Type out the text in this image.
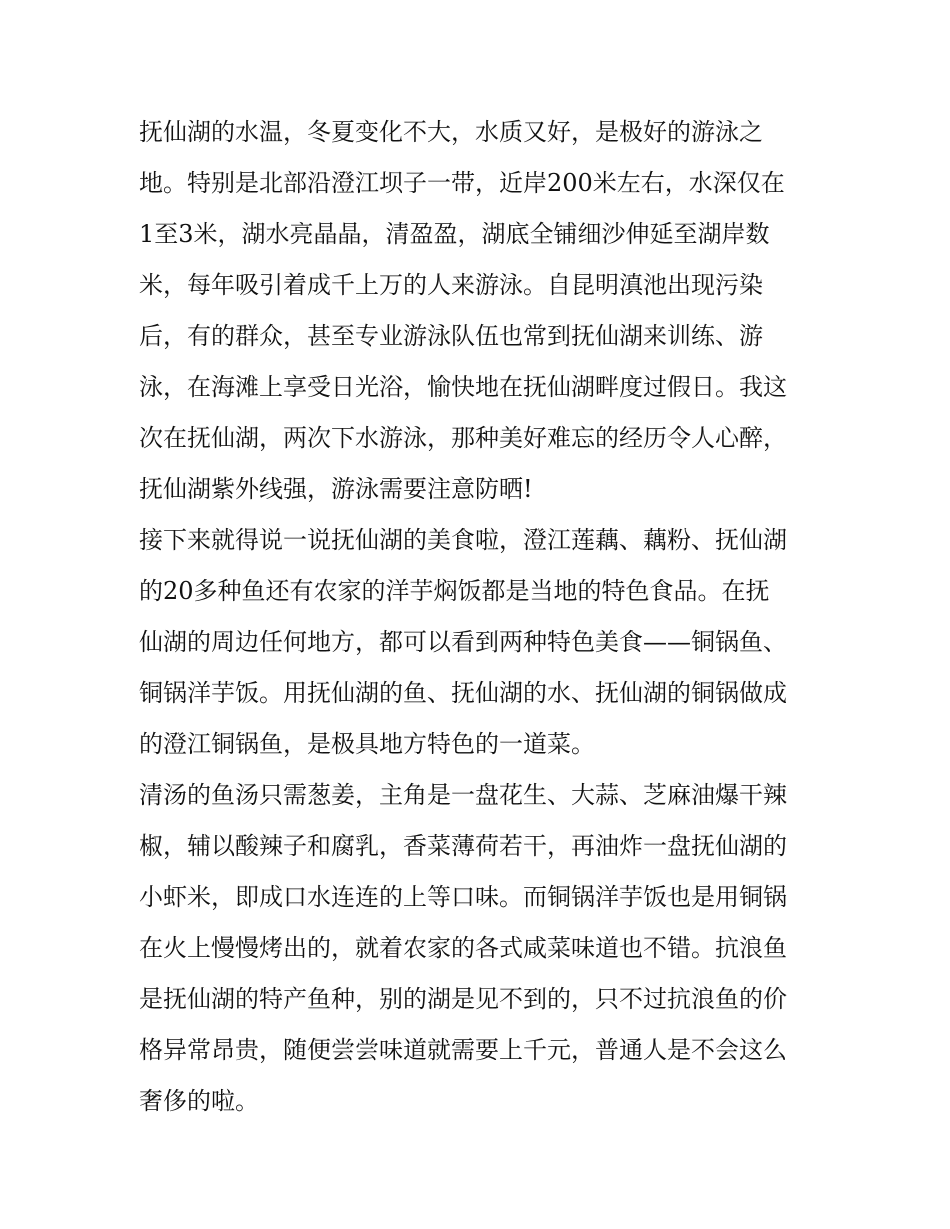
抚仙湖的水温，冬夏变化不大，水质又好，是极好的游泳之
地。特别是北部沿澄江坝子一带，近岸200米左右，水深仅在
1至3米，湖水亮晶晶，清盈盈，湖底全铺细沙伸延至湖岸数
米，每年吸引着成千上万的人来游泳。自昆明滇池出现污染
后，有的群众，甚至专业游泳队伍也常到抚仙湖来训练、游
泳，在海滩上享受日光浴，愉快地在抚仙湖畔度过假日。我这
次在抚仙湖，两次下水游泳，那种美好难忘的经历令人心醉，
抚仙湖紫外线强，游泳需要注意防晒!
接下来就得说一说抚仙湖的美食啦，澄江莲藕、藕粉、抚仙湖
的20多种鱼还有农家的洋芋焖饭都是当地的特色食品。在抚
仙湖的周边任何地方，都可以看到两种特色美食——铜锅鱼、
铜锅洋芋饭。用抚仙湖的鱼、抚仙湖的水、抚仙湖的铜锅做成
的澄江铜锅鱼，是极具地方特色的一道菜。
清汤的鱼汤只需葱姜，主角是一盘花生、大蒜、芝麻油爆干辣
椒，辅以酸辣子和腐乳，香菜薄荷若干，再油炸一盘抚仙湖的
小虾米，即成口水连连的上等口味。而铜锅洋芋饭也是用铜锅
在火上慢慢烤出的，就着农家的各式咸菜味道也不错。抗浪鱼
是抚仙湖的特产鱼种，别的湖是见不到的，只不过抗浪鱼的价
格异常昂贵，随便尝尝味道就需要上千元，普通人是不会这么
奢侈的啦。
